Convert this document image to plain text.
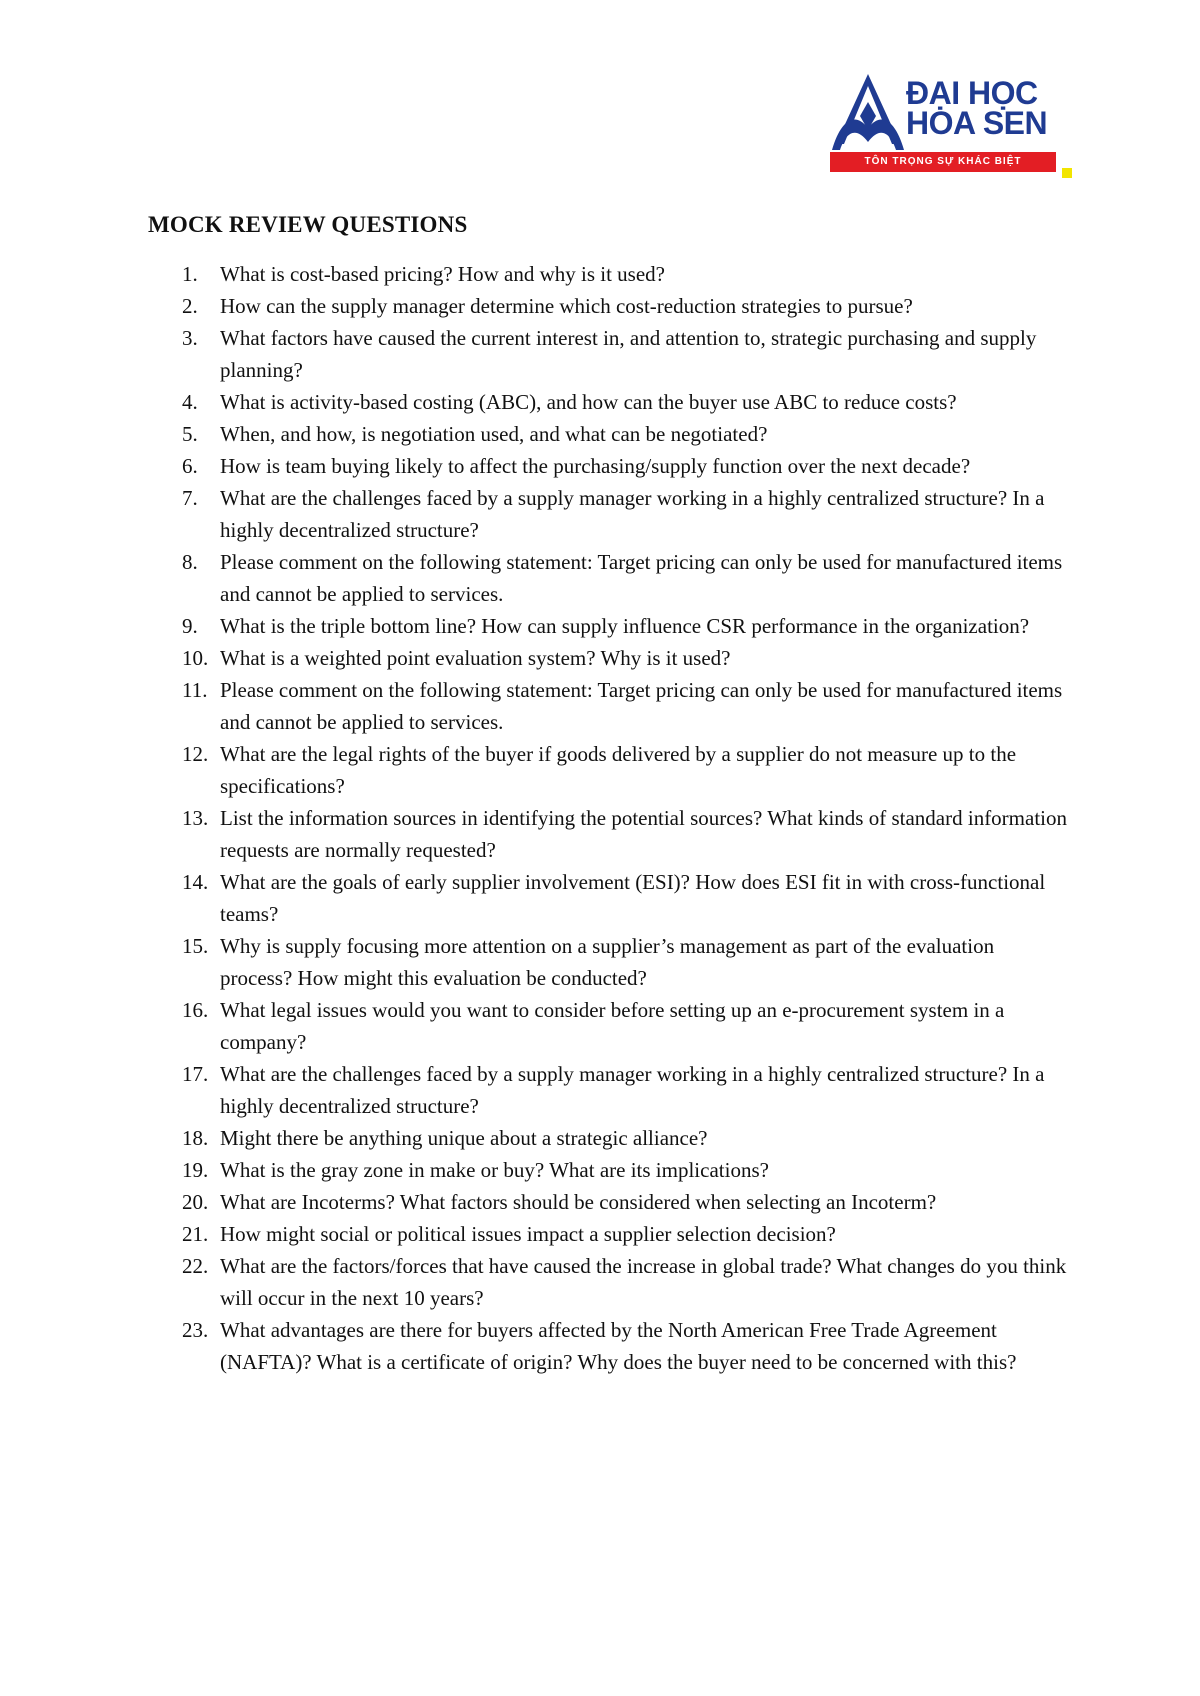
ĐẠI HỌC
HOA SEN
TÔN TRỌNG SỰ KHÁC BIỆT
MOCK REVIEW QUESTIONS
1. What is cost-based pricing? How and why is it used?
2. How can the supply manager determine which cost-reduction strategies to pursue?
3. What factors have caused the current interest in, and attention to, strategic purchasing and supply planning?
4. What is activity-based costing (ABC), and how can the buyer use ABC to reduce costs?
5. When, and how, is negotiation used, and what can be negotiated?
6. How is team buying likely to affect the purchasing/supply function over the next decade?
7. What are the challenges faced by a supply manager working in a highly centralized structure? In a highly decentralized structure?
8. Please comment on the following statement: Target pricing can only be used for manufactured items and cannot be applied to services.
9. What is the triple bottom line? How can supply influence CSR performance in the organization?
10. What is a weighted point evaluation system? Why is it used?
11. Please comment on the following statement: Target pricing can only be used for manufactured items and cannot be applied to services.
12. What are the legal rights of the buyer if goods delivered by a supplier do not measure up to the specifications?
13. List the information sources in identifying the potential sources? What kinds of standard information requests are normally requested?
14. What are the goals of early supplier involvement (ESI)? How does ESI fit in with cross-functional teams?
15. Why is supply focusing more attention on a supplier’s management as part of the evaluation process? How might this evaluation be conducted?
16. What legal issues would you want to consider before setting up an e-procurement system in a company?
17. What are the challenges faced by a supply manager working in a highly centralized structure? In a highly decentralized structure?
18. Might there be anything unique about a strategic alliance?
19. What is the gray zone in make or buy? What are its implications?
20. What are Incoterms? What factors should be considered when selecting an Incoterm?
21. How might social or political issues impact a supplier selection decision?
22. What are the factors/forces that have caused the increase in global trade? What changes do you think will occur in the next 10 years?
23. What advantages are there for buyers affected by the North American Free Trade Agreement (NAFTA)? What is a certificate of origin? Why does the buyer need to be concerned with this?
